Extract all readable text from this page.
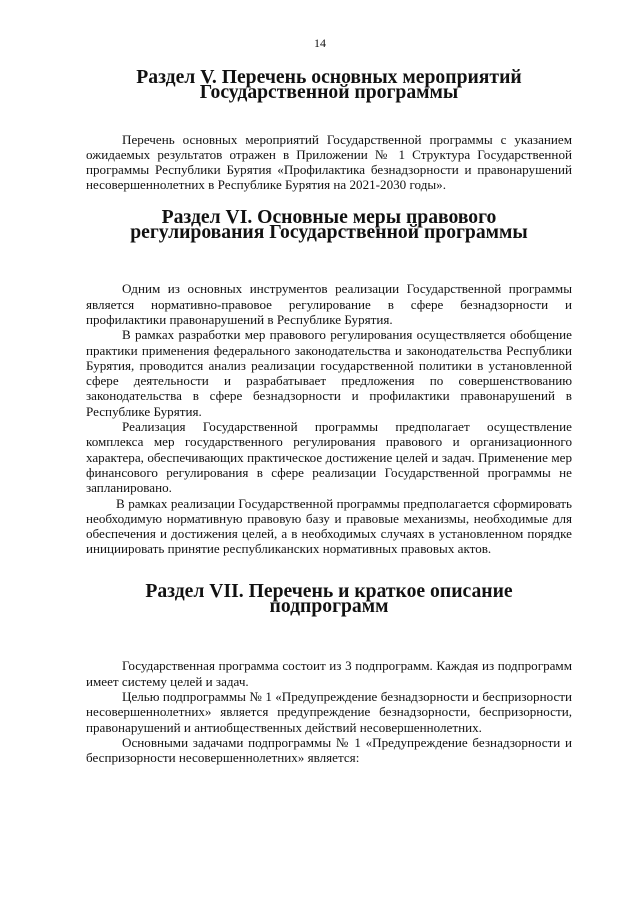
14
Раздел V. Перечень основных мероприятий Государственной программы

Перечень основных мероприятий Государственной программы с указанием ожидаемых результатов отражен в Приложении № 1 Структура Государственной программы Республики Бурятия «Профилактика безнадзорности и правонарушений несовершеннолетних в Республике Бурятия на 2021-2030 годы».

Раздел VI. Основные меры правового регулирования Государственной программы

Одним из основных инструментов реализации Государственной программы является нормативно-правовое регулирование в сфере безнадзорности и профилактики правонарушений в Республике Бурятия.

В рамках разработки мер правового регулирования осуществляется обобщение практики применения федерального законодательства и законодательства Республики Бурятия, проводится анализ реализации государственной политики в установленной сфере деятельности и разрабатывает предложения по совершенствованию законодательства в сфере безнадзорности и профилактики правонарушений в Республике Бурятия.

Реализация Государственной программы предполагает осуществление комплекса мер государственного регулирования правового и организационного характера, обеспечивающих практическое достижение целей и задач. Применение мер финансового регулирования в сфере реализации Государственной программы не запланировано.

В рамках реализации Государственной программы предполагается сформировать необходимую нормативную правовую базу и правовые механизмы, необходимые для обеспечения и достижения целей, а в необходимых случаях в установленном порядке инициировать принятие республиканских нормативных правовых актов.

Раздел VII. Перечень и краткое описание подпрограмм

Государственная программа состоит из 3 подпрограмм. Каждая из подпрограмм имеет систему целей и задач.

Целью подпрограммы № 1 «Предупреждение безнадзорности и беспризорности несовершеннолетних» является предупреждение безнадзорности, беспризорности, правонарушений и антиобщественных действий несовершеннолетних.

Основными задачами подпрограммы № 1 «Предупреждение безнадзорности и беспризорности несовершеннолетних» является:
